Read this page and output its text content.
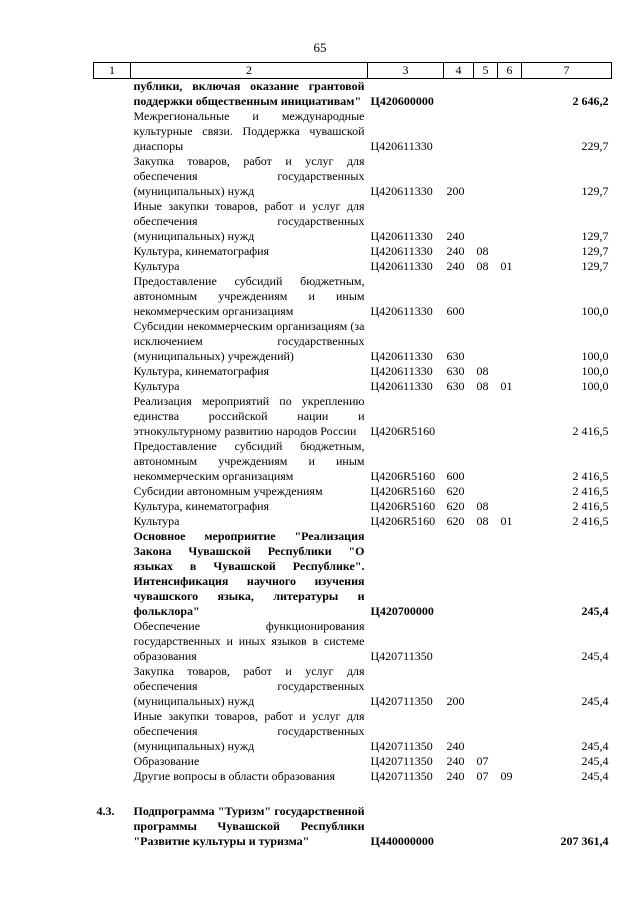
65
1	2	3	4	5	6	7
	публики, включая оказание грантовой поддержки общественным инициативам"	Ц420600000				2 646,2
	Межрегиональные и международные культурные связи. Поддержка чувашской диаспоры	Ц420611330				229,7
	Закупка товаров, работ и услуг для обеспечения государственных (муниципальных) нужд	Ц420611330	200			129,7
	Иные закупки товаров, работ и услуг для обеспечения государственных (муниципальных) нужд	Ц420611330	240			129,7
	Культура, кинематография	Ц420611330	240	08		129,7
	Культура	Ц420611330	240	08	01	129,7
	Предоставление субсидий бюджетным, автономным учреждениям и иным некоммерческим организациям	Ц420611330	600			100,0
	Субсидии некоммерческим организациям (за исключением государственных (муниципальных) учреждений)	Ц420611330	630			100,0
	Культура, кинематография	Ц420611330	630	08		100,0
	Культура	Ц420611330	630	08	01	100,0
	Реализация мероприятий по укреплению единства российской нации и этнокультурному развитию народов России	Ц4206R5160				2 416,5
	Предоставление субсидий бюджетным, автономным учреждениям и иным некоммерческим организациям	Ц4206R5160	600			2 416,5
	Субсидии автономным учреждениям	Ц4206R5160	620			2 416,5
	Культура, кинематография	Ц4206R5160	620	08		2 416,5
	Культура	Ц4206R5160	620	08	01	2 416,5
	Основное мероприятие "Реализация Закона Чувашской Республики "О языках в Чувашской Республике". Интенсификация научного изучения чувашского языка, литературы и фольклора"	Ц420700000				245,4
	Обеспечение функционирования государственных и иных языков в системе образования	Ц420711350				245,4
	Закупка товаров, работ и услуг для обеспечения государственных (муниципальных) нужд	Ц420711350	200			245,4
	Иные закупки товаров, работ и услуг для обеспечения государственных (муниципальных) нужд	Ц420711350	240			245,4
	Образование	Ц420711350	240	07		245,4
	Другие вопросы в области образования	Ц420711350	240	07	09	245,4

4.3.	Подпрограмма "Туризм" государственной программы Чувашской Республики "Развитие культуры и туризма"	Ц440000000				207 361,4
